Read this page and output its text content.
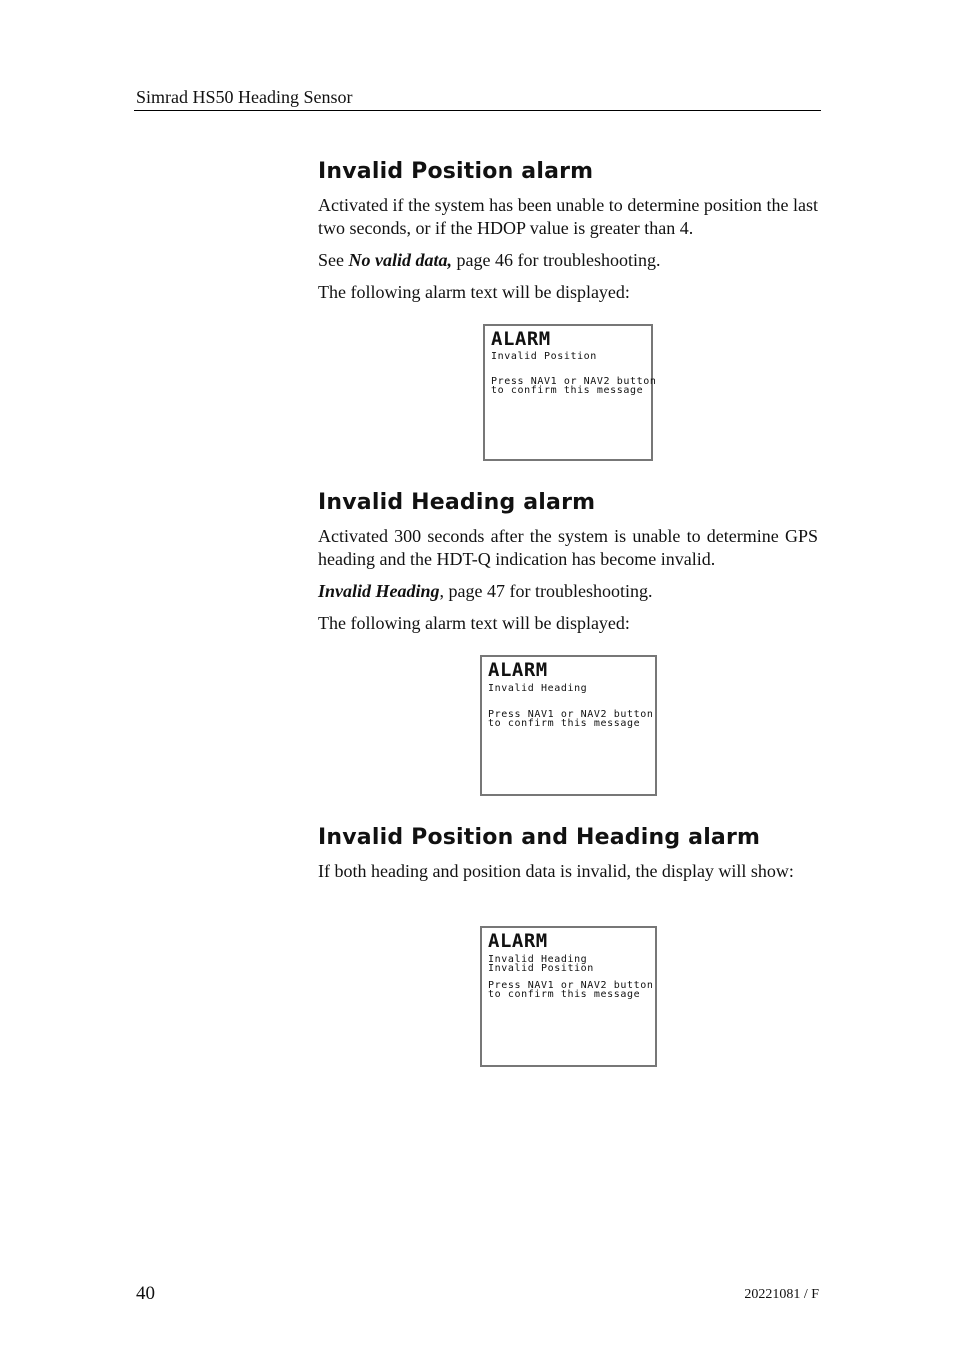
Simrad HS50 Heading Sensor
Invalid Position alarm

Activated if the system has been unable to determine position the last two seconds, or if the HDOP value is greater than 4.

See No valid data, page 46 for troubleshooting.

The following alarm text will be displayed:

ALARM
Invalid Position
Press NAV1 or NAV2 button
to confirm this message
Invalid Heading alarm

Activated 300 seconds after the system is unable to determine GPS heading and the HDT-Q indication has become invalid.

Invalid Heading, page 47 for troubleshooting.

The following alarm text will be displayed:

ALARM
Invalid Heading
Press NAV1 or NAV2 button
to confirm this message
Invalid Position and Heading alarm

If both heading and position data is invalid, the display will show:

ALARM
Invalid Heading
Invalid Position
Press NAV1 or NAV2 button
to confirm this message
40	20221081 / F
